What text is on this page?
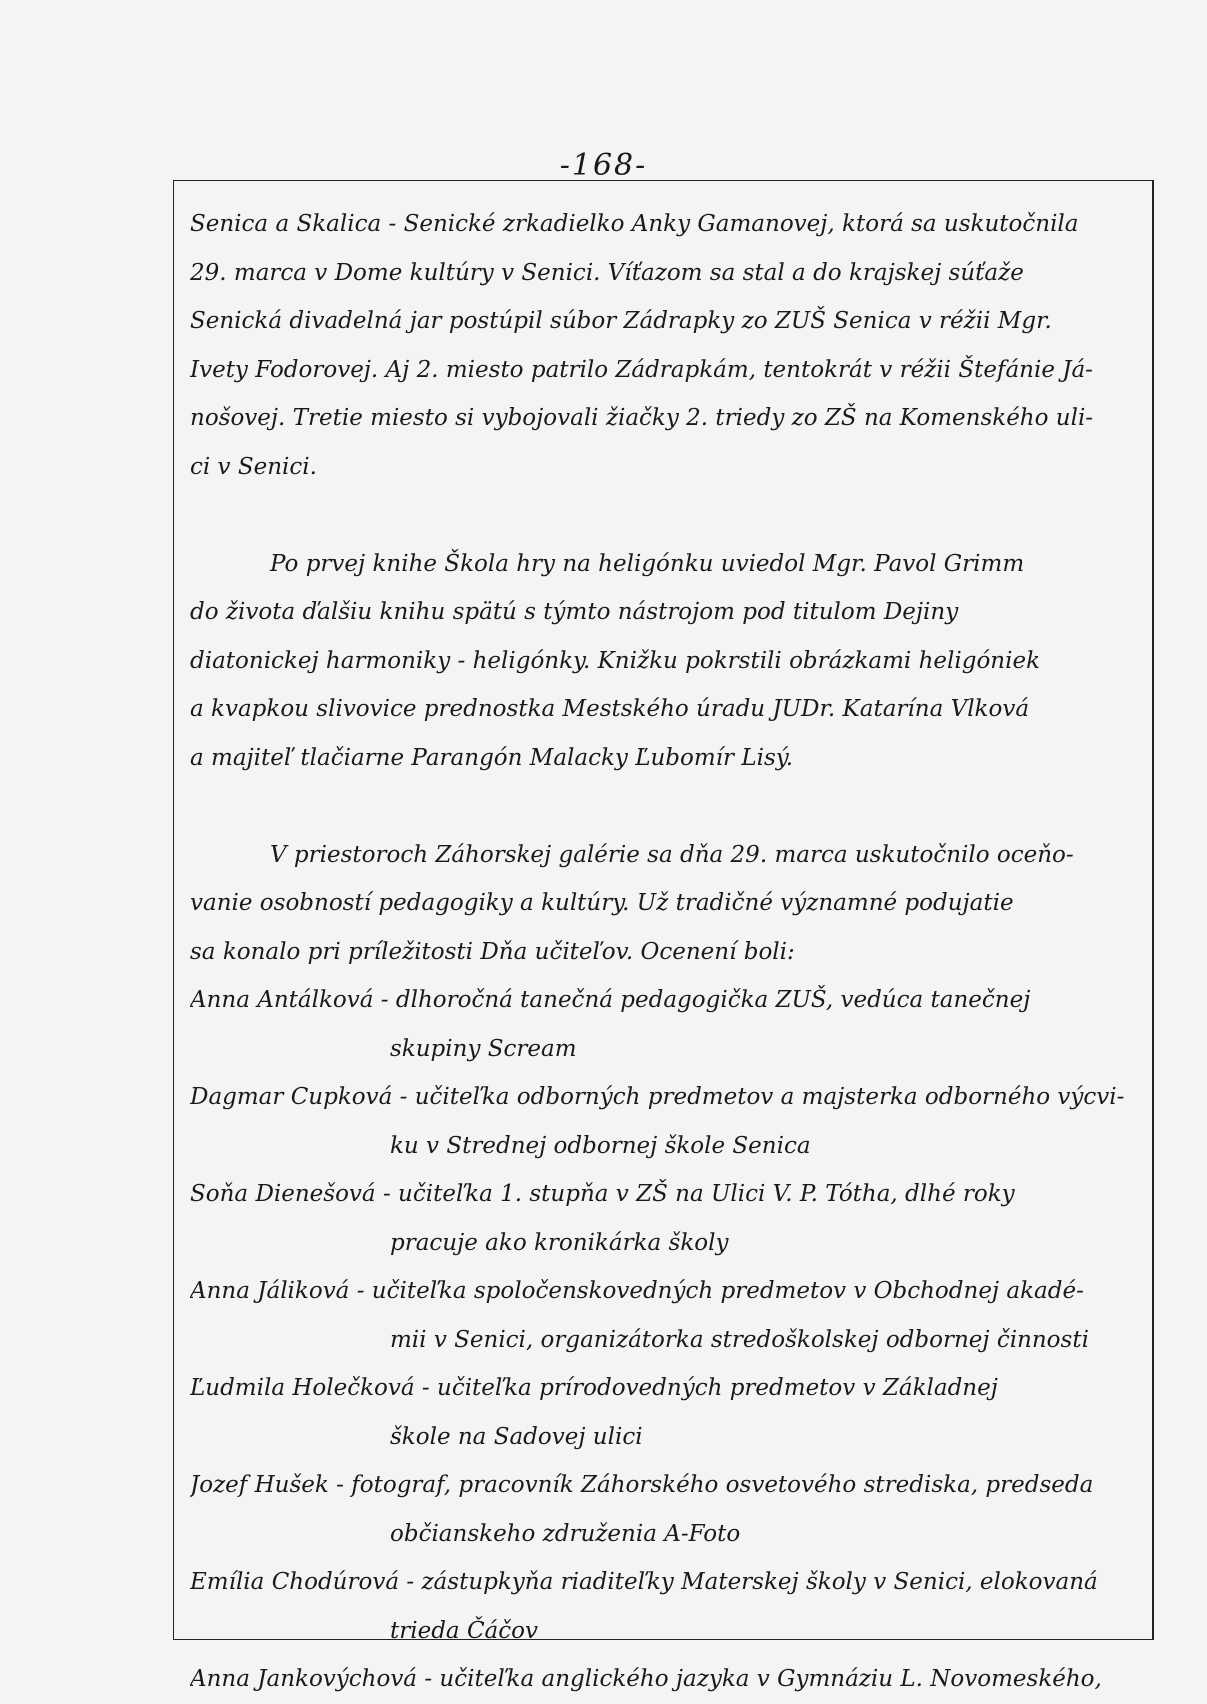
-168-
Senica a Skalica - Senické zrkadielko Anky Gamanovej, ktorá sa uskutočnila
29. marca v Dome kultúry v Senici. Víťazom sa stal a do krajskej súťaže
Senická divadelná jar postúpil súbor Zádrapky zo ZUŠ Senica v réžii Mgr.
Ivety Fodorovej. Aj 2. miesto patrilo Zádrapkám, tentokrát v réžii Štefánie Já-
nošovej. Tretie miesto si vybojovali žiačky 2. triedy zo ZŠ na Komenského uli-
ci v Senici.
Po prvej knihe Škola hry na heligónku uviedol Mgr. Pavol Grimm
do života ďalšiu knihu spätú s týmto nástrojom pod titulom Dejiny
diatonickej harmoniky - heligónky. Knižku pokrstili obrázkami heligóniek
a kvapkou slivovice prednostka Mestského úradu JUDr. Katarína Vlková
a majiteľ tlačiarne Parangón Malacky Ľubomír Lisý.
V priestoroch Záhorskej galérie sa dňa 29. marca uskutočnilo oceňo-
vanie osobností pedagogiky a kultúry. Už tradičné významné podujatie
sa konalo pri príležitosti Dňa učiteľov. Ocenení boli:
Anna Antálková - dlhoročná tanečná pedagogička ZUŠ, vedúca tanečnej
skupiny Scream
Dagmar Cupková - učiteľka odborných predmetov a majsterka odborného výcvi-
ku v Strednej odbornej škole Senica
Soňa Dienešová - učiteľka 1. stupňa v ZŠ na Ulici V. P. Tótha, dlhé roky
pracuje ako kronikárka školy
Anna Jáliková - učiteľka spoločenskovedných predmetov v Obchodnej akadé-
mii v Senici, organizátorka stredoškolskej odbornej činnosti
Ľudmila Holečková - učiteľka prírodovedných predmetov v Základnej
škole na Sadovej ulici
Jozef Hušek - fotograf, pracovník Záhorského osvetového strediska, predseda
občianskeho združenia A-Foto
Emília Chodúrová - zástupkyňa riaditeľky Materskej školy v Senici, elokovaná
trieda Čáčov
Anna Jankovýchová - učiteľka anglického jazyka v Gymnáziu L. Novomeského,
